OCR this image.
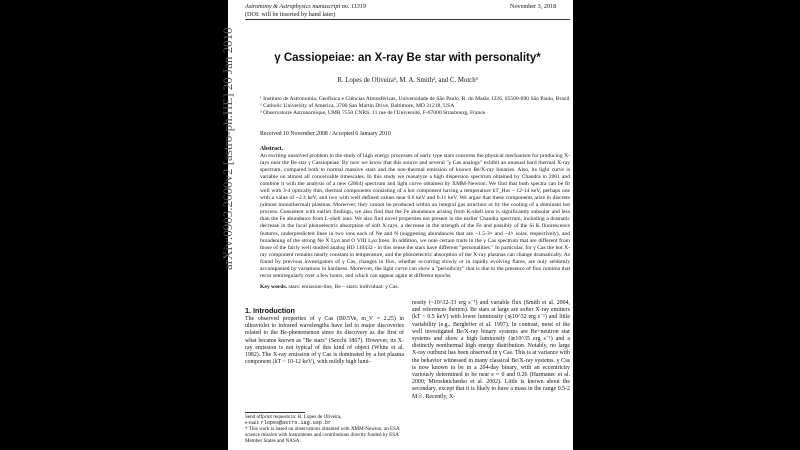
Astronomy & Astrophysics manuscript no. 11319
(DOI: will be inserted by hand later)
November 3, 2018
γ Cassiopeiae: an X-ray Be star with personality*
R. Lopes de Oliveira¹, M. A. Smith², and C. Motch³
¹ Instituto de Astronomia, Geofísica e Ciências Atmosféricas, Universidade de São Paulo, R. do Matão 1226, 05508-090 São Paulo, Brazil
² Catholic University of America, 3700 San Martin Drive, Baltimore, MD 21218, USA
³ Observatoire Astronomique, UMR 7550 CNRS, 11 rue de l'Université, F-67000 Strasbourg, France
Received 10 November 2008 / Accepted 6 January 2010
Abstract.
An exciting unsolved problem in the study of high energy processes of early type stars concerns the physical mechanism for producing X-rays near the Be star γ Cassiopeiae. By now we know that this source and several "γ Cas analogs" exhibit an unusual hard thermal X-ray spectrum, compared both to normal massive stars and the non-thermal emission of known Be/X-ray binaries. Also, its light curve is variable on almost all conceivable timescales. In this study we reanalyze a high dispersion spectrum obtained by Chandra in 2001 and combine it with the analysis of a new (2004) spectrum and light curve obtained by XMM-Newton. We find that both spectra can be fit well with 3-4 optically thin, thermal components consisting of a hot component having a temperature kT_Hot ~ 12-14 keV, perhaps one with a value of ~2.4 keV, and two with well defined values near 0.6 keV and 0.11 keV. We argue that these components arise in discrete (almost monothermal) plasmas. Moreover, they cannot be produced within an integral gas structure or by the cooling of a dominant hot process. Consistent with earlier findings, we also find that the Fe abundance arising from K-shell ions is significantly subsolar and less than the Fe abundance from L-shell ions. We also find novel properties not present in the earlier Chandra spectrum, including a dramatic decrease in the local photoelectric absorption of soft X-rays, a decrease in the strength of the Fe and possibly of the Si K fluorescence features, underpredicted lines in two ions each of Ne and N (suggesting abundances that are ~1.5-3× and ~4× solar, respectively), and broadening of the strong Ne X Lyα and O VIII Lyα lines. In addition, we note certain traits in the γ Cas spectrum that are different from those of the fairly well studied analog HD 110432 - in this sense the stars have different "personalities." In particular, for γ Cas the hot X-ray component remains nearly constant in temperature, and the photoelectric absorption of the X-ray plasmas can change dramatically. As found by previous investigators of γ Cas, changes in flux, whether occurring slowly or in rapidly evolving flares, are only seldomly accompanied by variations in hardness. Moreover, the light curve can show a "periodicity" that is due to the presence of flux minima that recur semiregularly over a few hours, and which can appear again at different epochs.
Key words. stars: emission-line, Be – stars: individual: γ Cas.
1. Introduction

The observed properties of γ Cas (B0.5Ve, m_V = 2.25) in ultraviolet to infrared wavelengths have led to major discoveries related to the Be-phenomenon since its discovery as the first of what became known as "Be stars" (Secchi 1867). However, its X-ray emission is not typical of this kind of object (White et al. 1982). The X-ray emission of γ Cas is dominated by a hot plasma component (kT ~ 10-12 keV), with mildly high lumi-

Send offprint requests to: R. Lopes de Oliveira,
e-mail: rlopes@astro.iag.usp.br
* This work is based on observations obtained with XMM-Newton, an ESA science mission with instruments and contributions directly funded by ESA Member States and NASA.
nosity (~10^32-33 erg s⁻¹) and variable flux (Smith et al. 2004, and references therein). Be stars at large are softer X-ray emitters (kT ~ 0.5 keV) with lower luminosity (≲10^32 erg s⁻¹) and little variability (e.g., Berghöfer et al. 1997). In contrast, most of the well investigated Be/X-ray binary systems are Be+neutron star systems and show a high luminosity (≳10^35 erg s⁻¹) and a distinctly nonthermal high energy distribution. Notably, no large X-ray outburst has been observed in γ Cas. This is at variance with the behavior witnessed in many classical Be/X-ray systems. γ Cas is now known to be in a 204-day binary, with an eccentricity variously determined to be near e = 0 and 0.26 (Harmanec et al. 2000; Miroshnichenko et al. 2002). Little is known about the secondary, except that it is likely to have a mass in the range 0.5-2 M☉. Recently, X-
arXiv:0903.2600v2 [astro-ph.HE] 20 Jan 2010
